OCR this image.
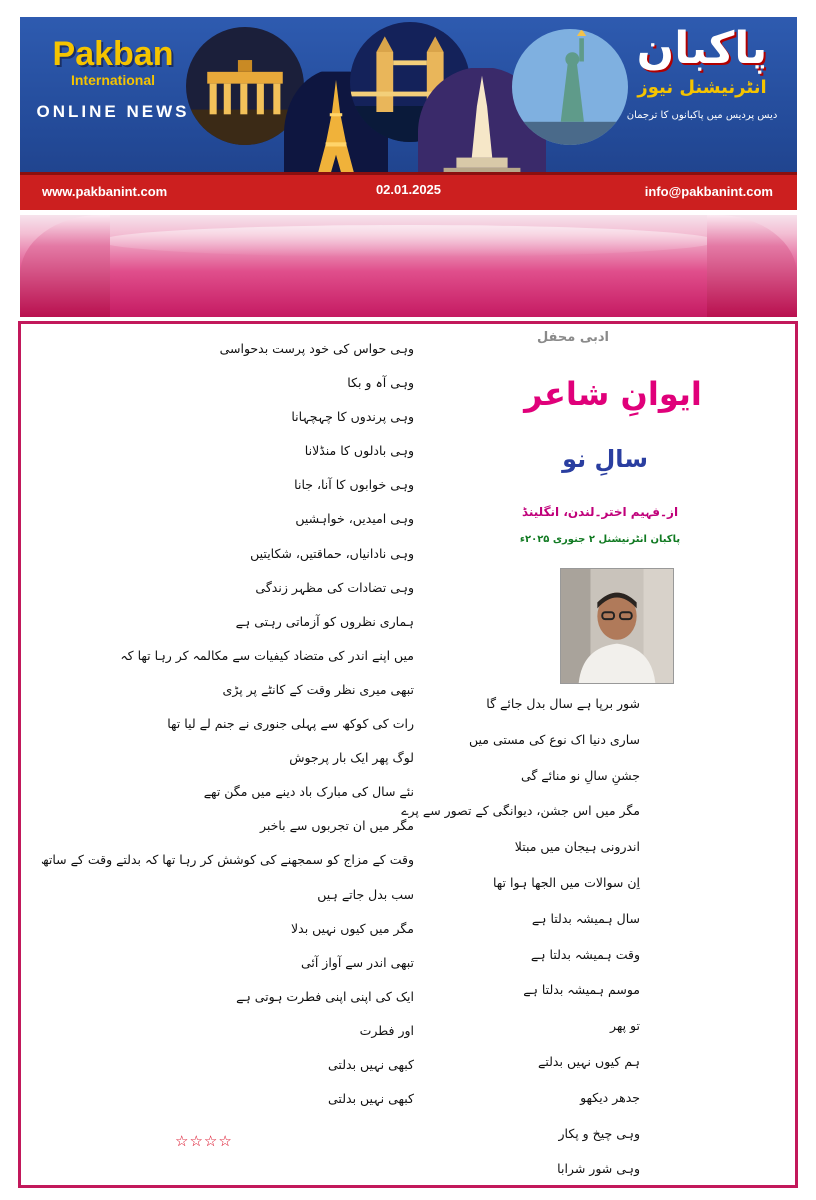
Pakban
International
ONLINE NEWS
پاکبان
انٹرنیشنل نیوز
دیس پردیس میں پاکبانوں کا ترجمان
www.pakbanint.com	02.01.2025	info@pakbanint.com
ادبی محفل
ایوانِ شاعر
سالِ نو
از۔فہیم اختر۔لندن، انگلینڈ
پاکبان انٹرنیشنل ۲ جنوری ۲۰۲۵ء
شور برپا ہے سال بدل جائے گا
ساری دنیا اک نوع کی مستی میں
جشنِ سالِ نو منائے گی
مگر میں اس جشن، دیوانگی کے تصور سے پرے
اندرونی ہیجان میں مبتلا
اِن سوالات میں الجھا ہوا تھا
سال ہمیشہ بدلتا ہے
وقت ہمیشہ بدلتا ہے
موسم ہمیشہ بدلتا ہے
تو پھر
ہم کیوں نہیں بدلتے
جدھر دیکھو
وہی چیخ و پکار
وہی شور شرابا
وہی حواس کی خود پرست بدحواسی
وہی آہ و بکا
وہی پرندوں کا چہچہانا
وہی بادلوں کا منڈلانا
وہی خوابوں کا آنا، جانا
وہی امیدیں، خواہشیں
وہی نادانیاں، حماقتیں، شکایتیں
وہی تضادات کی مظہر زندگی
ہماری نظروں کو آزماتی رہتی ہے
میں اپنے اندر کی متضاد کیفیات سے مکالمہ کر رہا تھا کہ
تبھی میری نظر وقت کے کانٹے پر پڑی
رات کی کوکھ سے پہلی جنوری نے جنم لے لیا تھا
لوگ پھر ایک بار پرجوش
نئے سال کی مبارک باد دینے میں مگن تھے
مگر میں ان تجربوں سے باخبر
وقت کے مزاج کو سمجھنے کی کوشش کر رہا تھا کہ بدلتے وقت کے ساتھ
سب بدل جاتے ہیں
مگر میں کیوں نہیں بدلا
تبھی اندر سے آواز آئی
ایک کی اپنی اپنی فطرت ہوتی ہے
اور فطرت
کبھی نہیں بدلتی
کبھی نہیں بدلتی
☆☆☆☆
